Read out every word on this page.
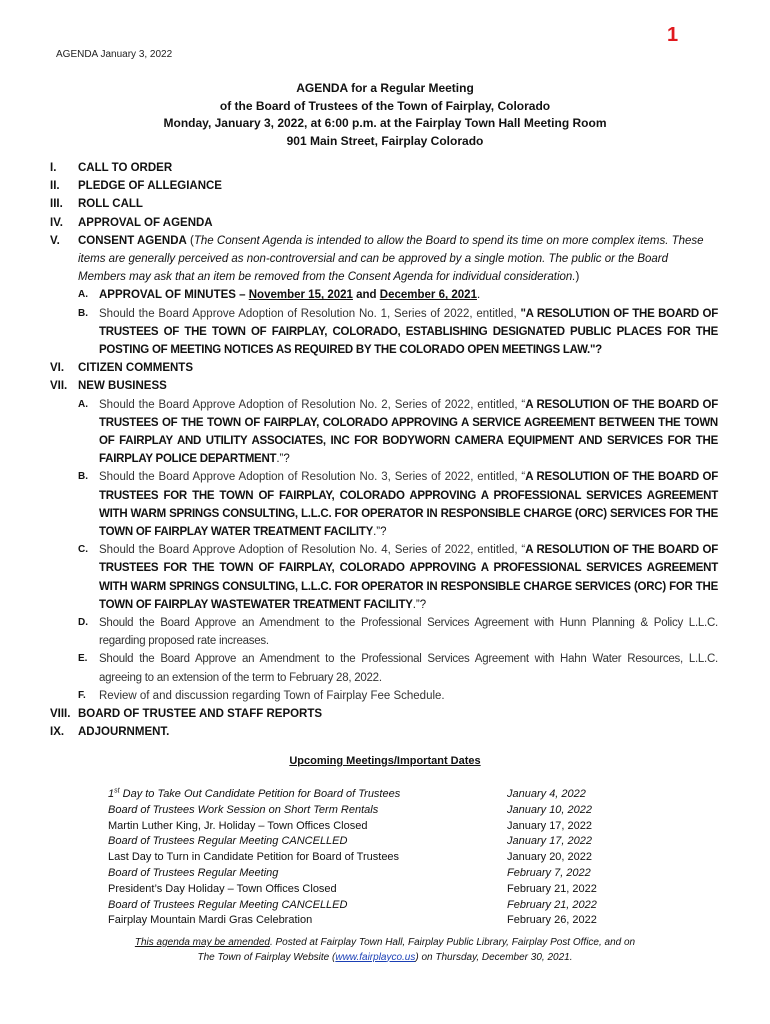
1
AGENDA January 3, 2022
AGENDA for a Regular Meeting
of the Board of Trustees of the Town of Fairplay, Colorado
Monday, January 3, 2022, at 6:00 p.m. at the Fairplay Town Hall Meeting Room
901 Main Street, Fairplay Colorado
I. CALL TO ORDER
II. PLEDGE OF ALLEGIANCE
III. ROLL CALL
IV. APPROVAL OF AGENDA
V. CONSENT AGENDA (The Consent Agenda is intended to allow the Board to spend its time on more complex items. These items are generally perceived as non-controversial and can be approved by a single motion. The public or the Board Members may ask that an item be removed from the Consent Agenda for individual consideration.)
A. APPROVAL OF MINUTES – November 15, 2021 and December 6, 2021.
B. Should the Board Approve Adoption of Resolution No. 1, Series of 2022, entitled, "A RESOLUTION OF THE BOARD OF TRUSTEES OF THE TOWN OF FAIRPLAY, COLORADO, ESTABLISHING DESIGNATED PUBLIC PLACES FOR THE POSTING OF MEETING NOTICES AS REQUIRED BY THE COLORADO OPEN MEETINGS LAW."?
VI. CITIZEN COMMENTS
VII. NEW BUSINESS
A. Should the Board Approve Adoption of Resolution No. 2, Series of 2022, entitled, “A RESOLUTION OF THE BOARD OF TRUSTEES OF THE TOWN OF FAIRPLAY, COLORADO APPROVING A SERVICE AGREEMENT BETWEEN THE TOWN OF FAIRPLAY AND UTILITY ASSOCIATES, INC FOR BODYWORN CAMERA EQUIPMENT AND SERVICES FOR THE FAIRPLAY POLICE DEPARTMENT.”?
B. Should the Board Approve Adoption of Resolution No. 3, Series of 2022, entitled, “A RESOLUTION OF THE BOARD OF TRUSTEES FOR THE TOWN OF FAIRPLAY, COLORADO APPROVING A PROFESSIONAL SERVICES AGREEMENT WITH WARM SPRINGS CONSULTING, L.L.C. FOR OPERATOR IN RESPONSIBLE CHARGE (ORC) SERVICES FOR THE TOWN OF FAIRPLAY WATER TREATMENT FACILITY.”?
C. Should the Board Approve Adoption of Resolution No. 4, Series of 2022, entitled, “A RESOLUTION OF THE BOARD OF TRUSTEES FOR THE TOWN OF FAIRPLAY, COLORADO APPROVING A PROFESSIONAL SERVICES AGREEMENT WITH WARM SPRINGS CONSULTING, L.L.C. FOR OPERATOR IN RESPONSIBLE CHARGE SERVICES (ORC) FOR THE TOWN OF FAIRPLAY WASTEWATER TREATMENT FACILITY.”?
D. Should the Board Approve an Amendment to the Professional Services Agreement with Hunn Planning & Policy L.L.C. regarding proposed rate increases.
E. Should the Board Approve an Amendment to the Professional Services Agreement with Hahn Water Resources, L.L.C. agreeing to an extension of the term to February 28, 2022.
F. Review of and discussion regarding Town of Fairplay Fee Schedule.
VIII. BOARD OF TRUSTEE AND STAFF REPORTS
IX. ADJOURNMENT.
Upcoming Meetings/Important Dates
1st Day to Take Out Candidate Petition for Board of Trustees	January 4, 2022
Board of Trustees Work Session on Short Term Rentals	January 10, 2022
Martin Luther King, Jr. Holiday – Town Offices Closed	January 17, 2022
Board of Trustees Regular Meeting CANCELLED	January 17, 2022
Last Day to Turn in Candidate Petition for Board of Trustees	January 20, 2022
Board of Trustees Regular Meeting	February 7, 2022
President’s Day Holiday – Town Offices Closed	February 21, 2022
Board of Trustees Regular Meeting CANCELLED	February 21, 2022
Fairplay Mountain Mardi Gras Celebration	February 26, 2022
This agenda may be amended. Posted at Fairplay Town Hall, Fairplay Public Library, Fairplay Post Office, and on
The Town of Fairplay Website (www.fairplayco.us) on Thursday, December 30, 2021.
